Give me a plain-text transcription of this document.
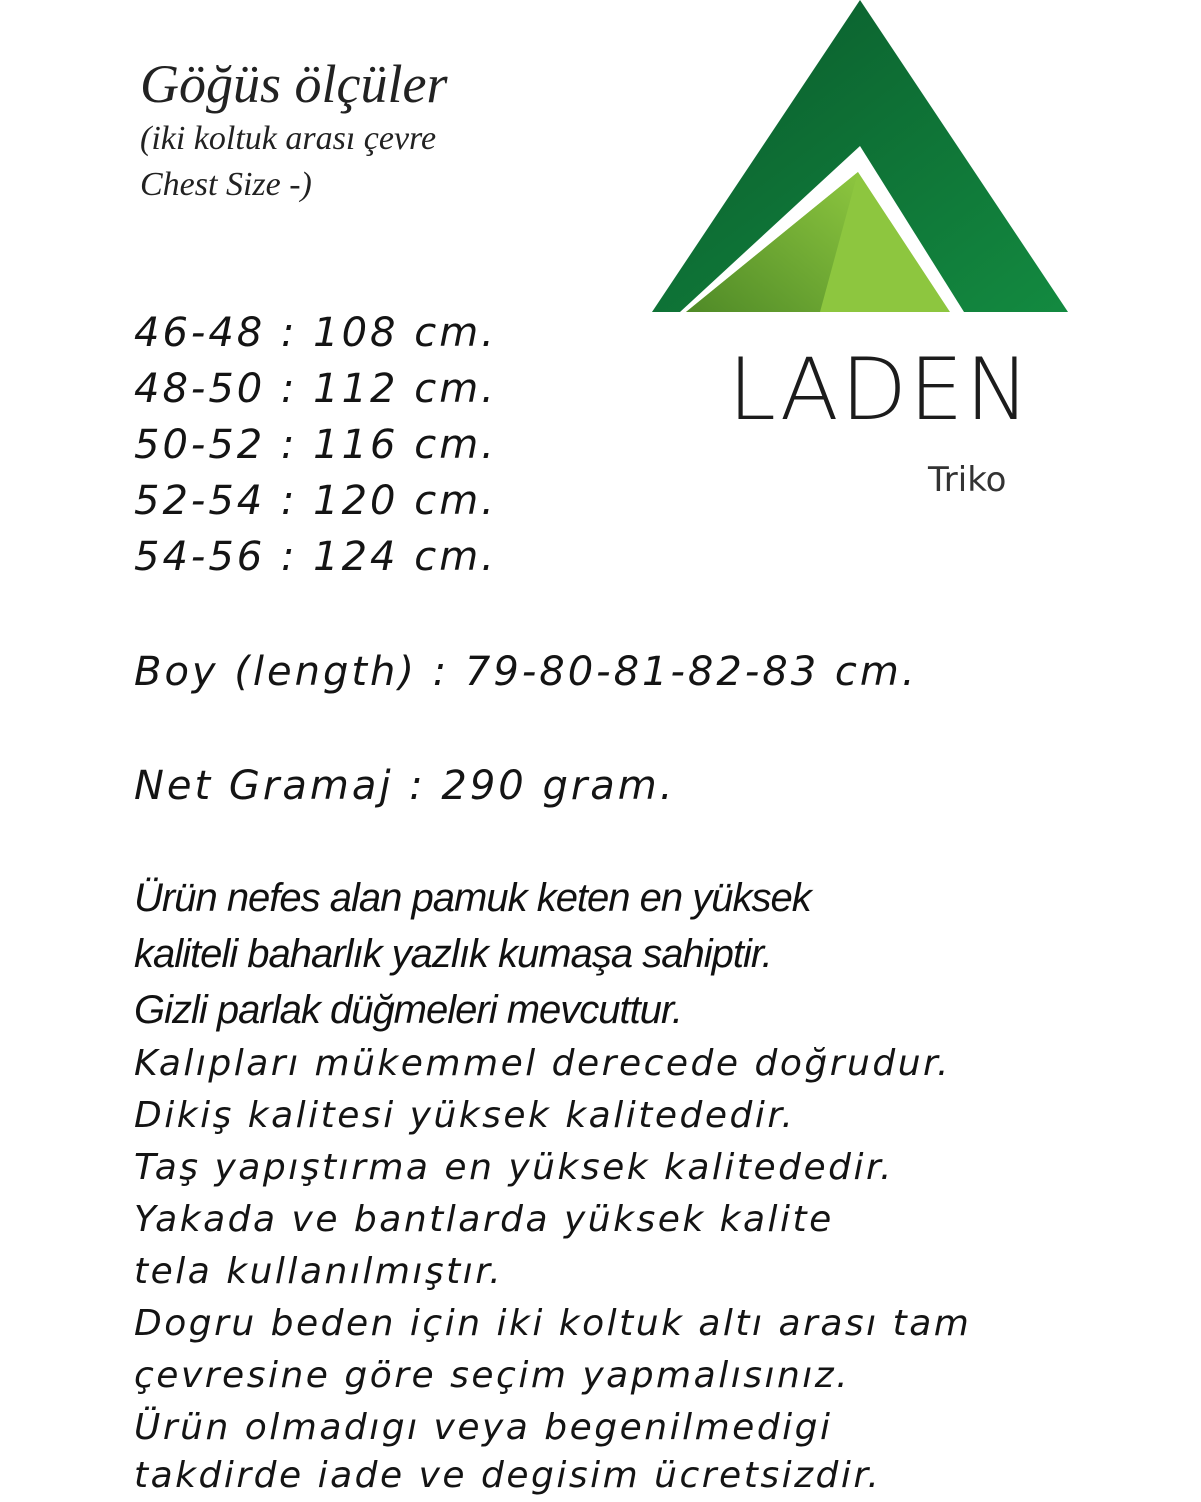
Göğüs ölçüler
(iki koltuk arası çevre
Chest Size -)
LADEN
Triko
46-48 : 108 cm.
48-50 : 112 cm.
50-52 : 116 cm.
52-54 : 120 cm.
54-56 : 124 cm.
Boy (length) : 79-80-81-82-83 cm.
Net Gramaj : 290 gram.
Ürün nefes alan pamuk keten en yüksek
kaliteli baharlık yazlık kumaşa sahiptir.
Gizli parlak düğmeleri mevcuttur.
Kalıpları mükemmel derecede doğrudur.
Dikiş kalitesi yüksek kalitededir.
Taş yapıştırma en yüksek kalitededir.
Yakada ve bantlarda yüksek kalite
tela kullanılmıştır.
Dogru beden için iki koltuk altı arası tam
çevresine göre seçim yapmalısınız.
Ürün olmadıgı veya begenilmedigi
takdirde iade ve degisim ücretsizdir.
